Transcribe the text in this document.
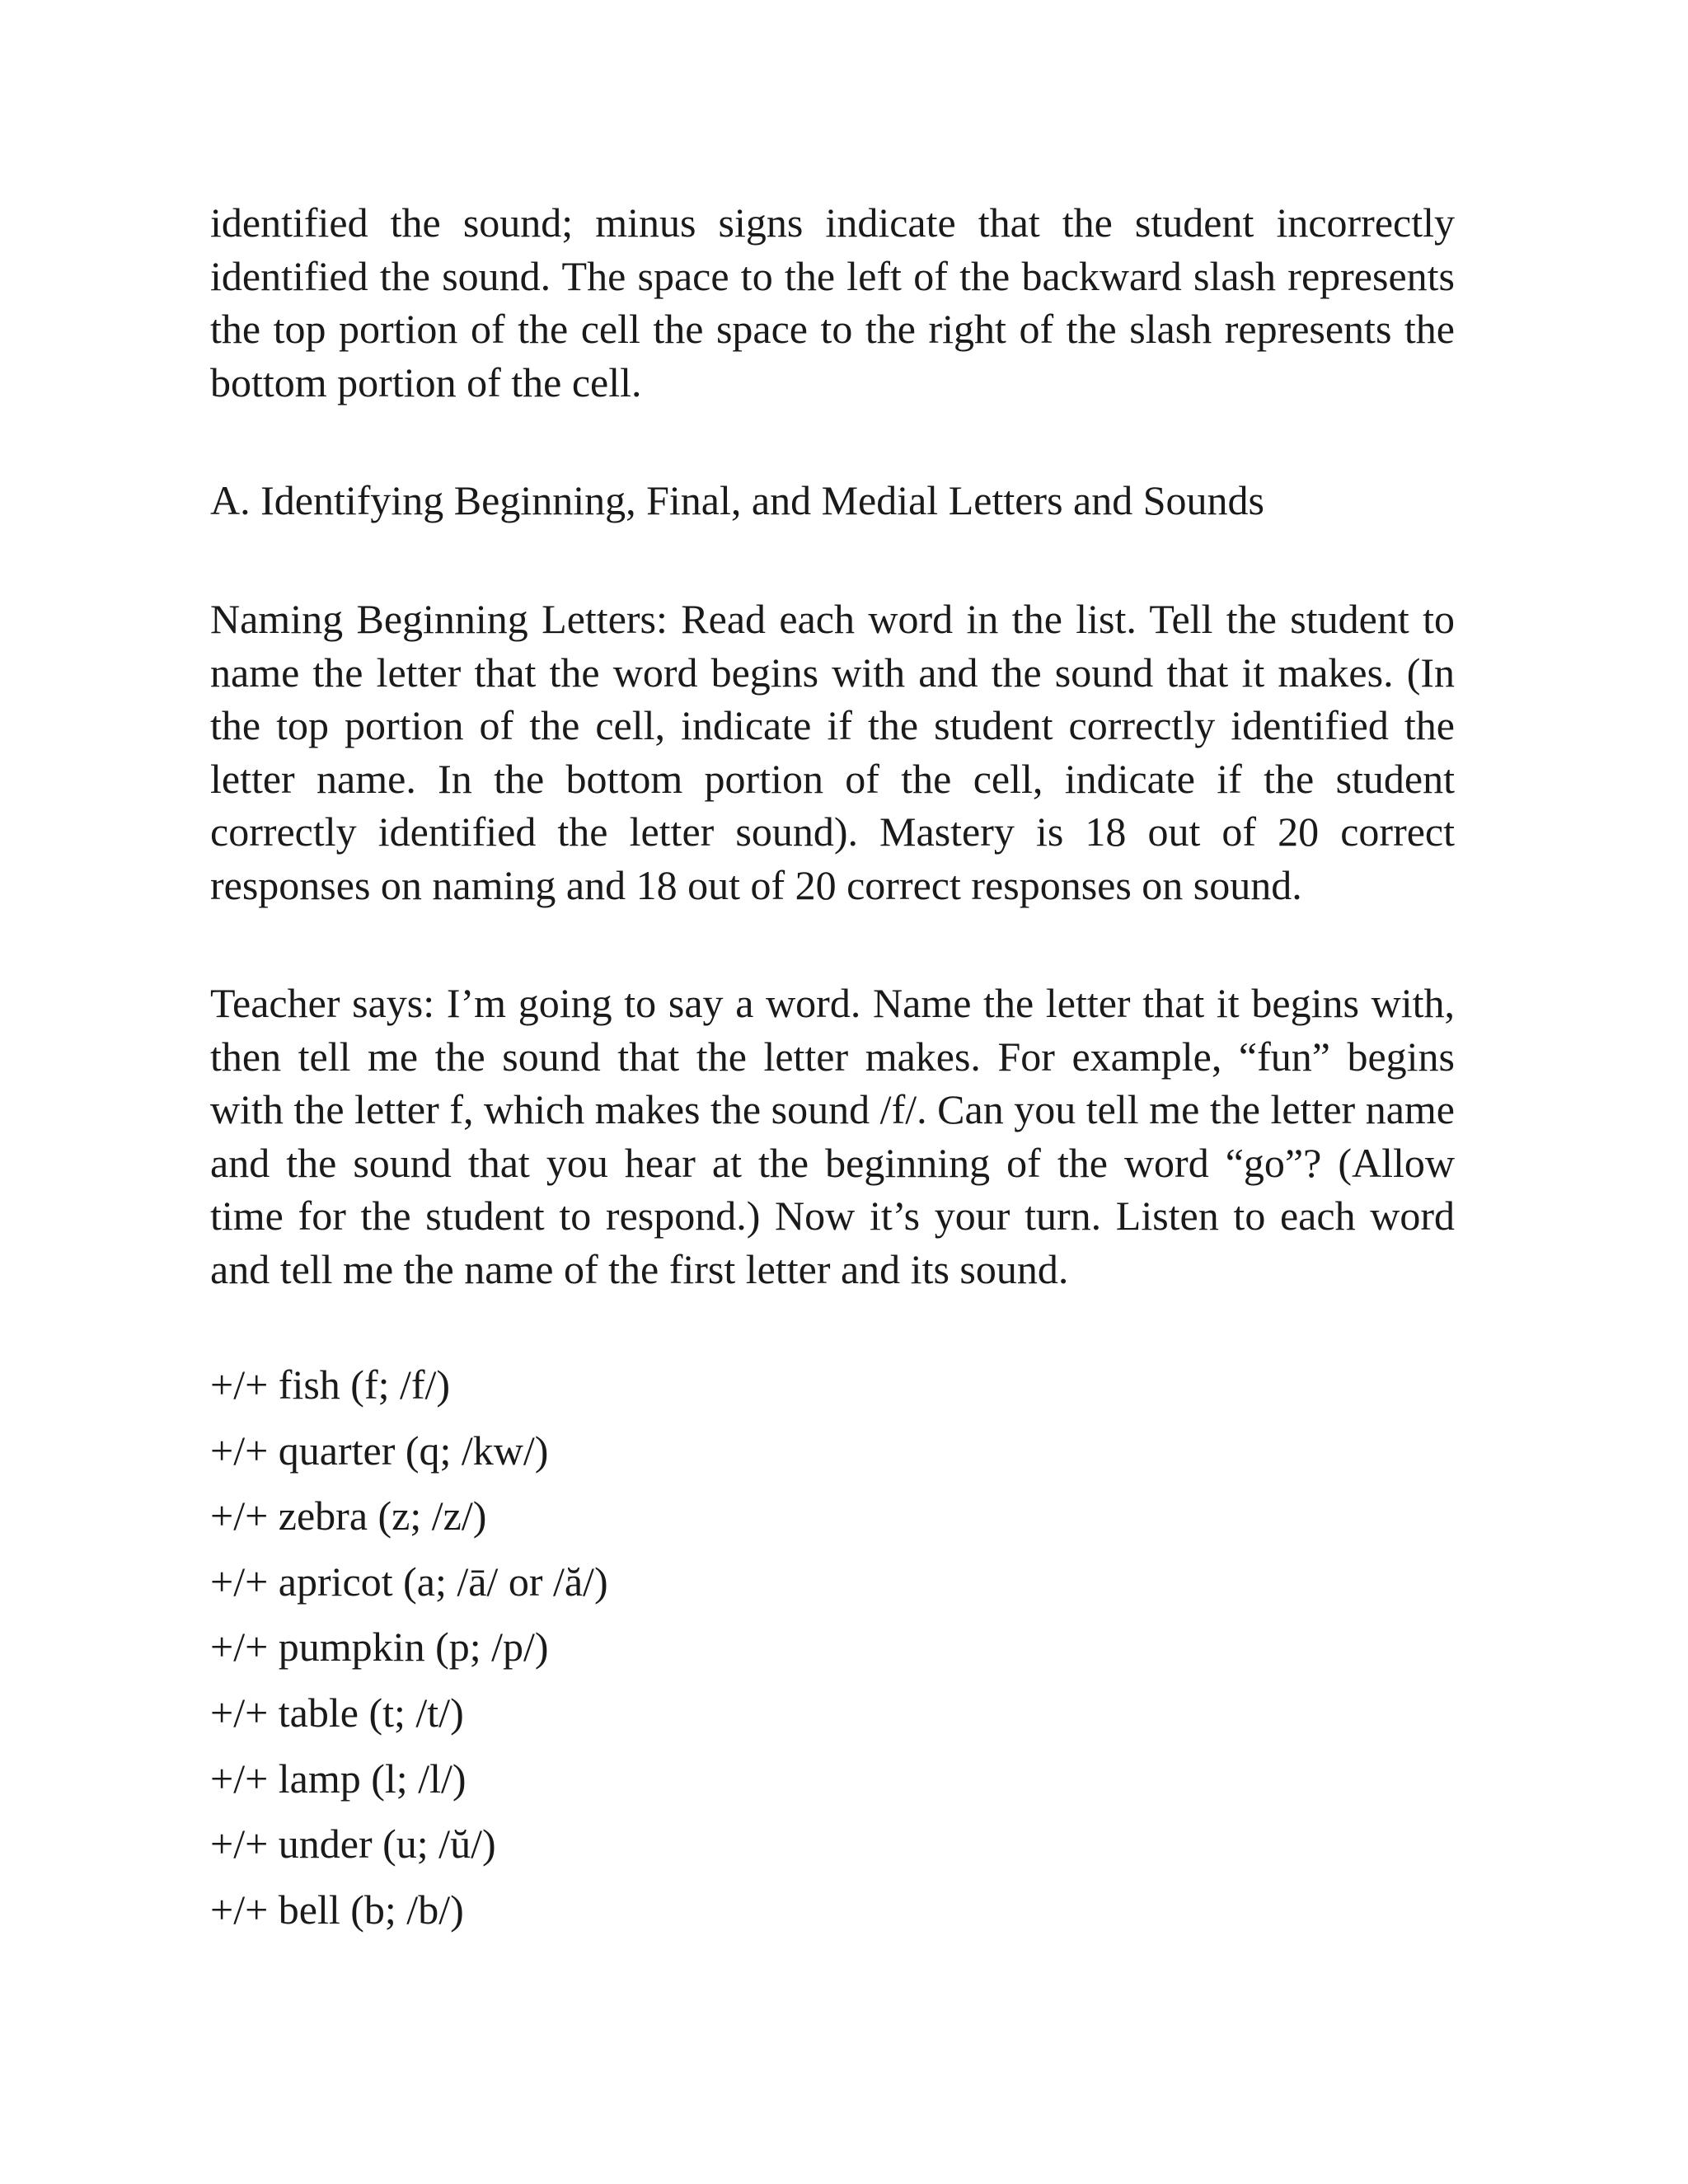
identified the sound; minus signs indicate that the student incorrectly identified the sound. The space to the left of the backward slash represents the top portion of the cell the space to the right of the slash represents the bottom portion of the cell.

A. Identifying Beginning, Final, and Medial Letters and Sounds

Naming Beginning Letters: Read each word in the list. Tell the student to name the letter that the word begins with and the sound that it makes. (In the top portion of the cell, indicate if the student correctly identified the letter name. In the bottom portion of the cell, indicate if the student correctly identified the letter sound). Mastery is 18 out of 20 correct responses on naming and 18 out of 20 correct responses on sound.

Teacher says: I’m going to say a word. Name the letter that it begins with, then tell me the sound that the letter makes. For example, “fun” begins with the letter f, which makes the sound /f/. Can you tell me the letter name and the sound that you hear at the beginning of the word “go”? (Allow time for the student to respond.) Now it’s your turn. Listen to each word and tell me the name of the first letter and its sound.

+/+ fish (f; /f/)
+/+ quarter (q; /kw/)
+/+ zebra (z; /z/)
+/+ apricot (a; /ā/ or /ă/)
+/+ pumpkin (p; /p/)
+/+ table (t; /t/)
+/+ lamp (l; /l/)
+/+ under (u; /ŭ/)
+/+ bell (b; /b/)
